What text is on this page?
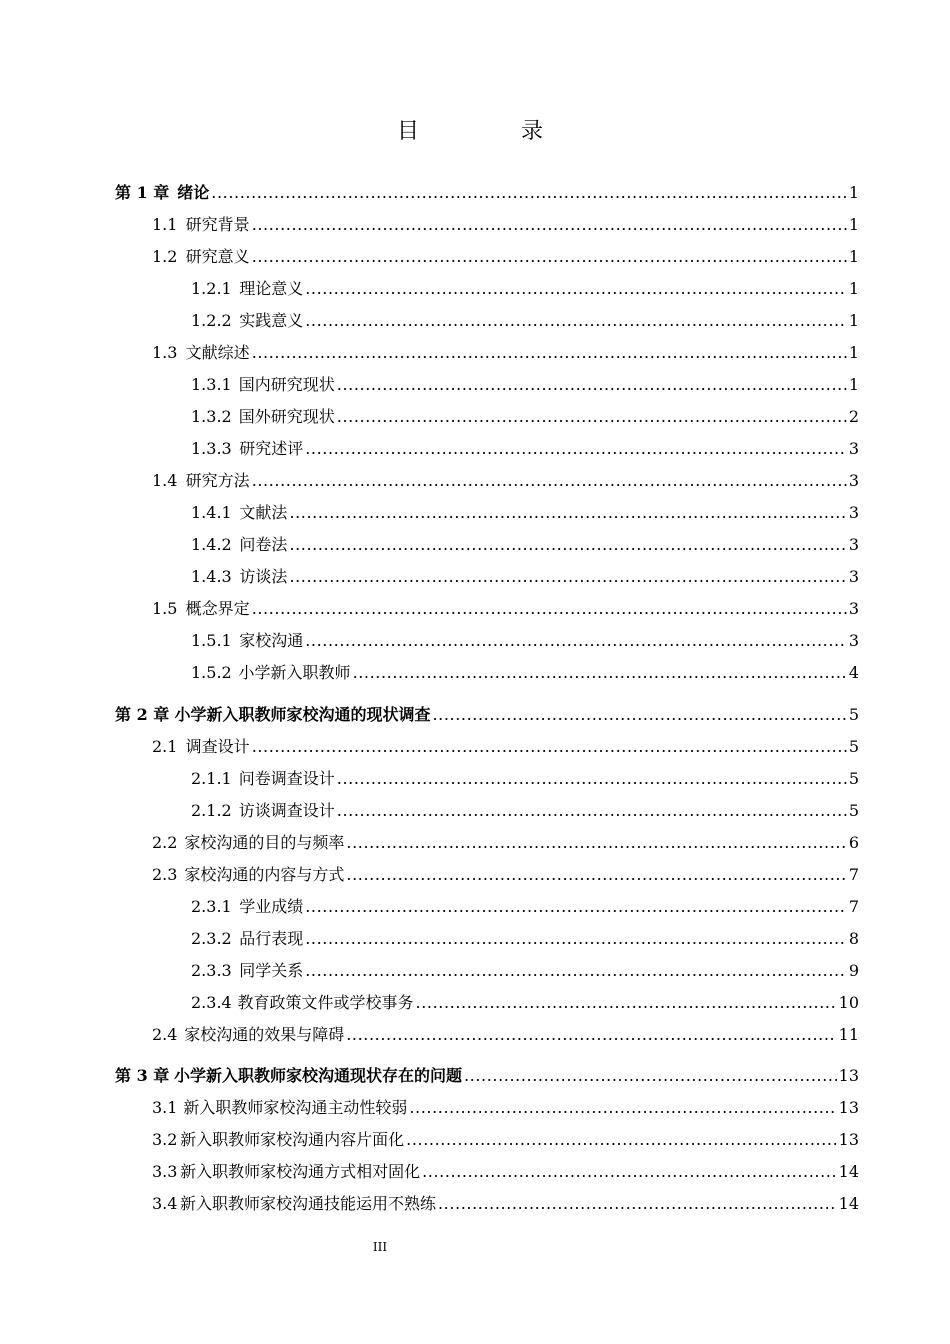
目　录
第 1 章 绪论 .....	1
1.1 研究背景 .....	1
1.2 研究意义 .....	1
1.2.1 理论意义 .....	1
1.2.2 实践意义 .....	1
1.3 文献综述 .....	1
1.3.1 国内研究现状 .....	1
1.3.2 国外研究现状 .....	2
1.3.3 研究述评 .....	3
1.4 研究方法 .....	3
1.4.1 文献法 .....	3
1.4.2 问卷法 .....	3
1.4.3 访谈法 .....	3
1.5 概念界定 .....	3
1.5.1 家校沟通 .....	3
1.5.2 小学新入职教师 .....	4
第 2 章 小学新入职教师家校沟通的现状调查 .....	5
2.1 调查设计 .....	5
2.1.1 问卷调查设计 .....	5
2.1.2 访谈调查设计 .....	5
2.2 家校沟通的目的与频率 .....	6
2.3 家校沟通的内容与方式 .....	7
2.3.1 学业成绩 .....	7
2.3.2 品行表现 .....	8
2.3.3 同学关系 .....	9
2.3.4 教育政策文件或学校事务 .....	10
2.4 家校沟通的效果与障碍 .....	11
第 3 章 小学新入职教师家校沟通现状存在的问题 .....	13
3.1 新入职教师家校沟通主动性较弱 .....	13
3.2 新入职教师家校沟通内容片面化 .....	13
3.3 新入职教师家校沟通方式相对固化 .....	14
3.4 新入职教师家校沟通技能运用不熟练 .....	14
III
